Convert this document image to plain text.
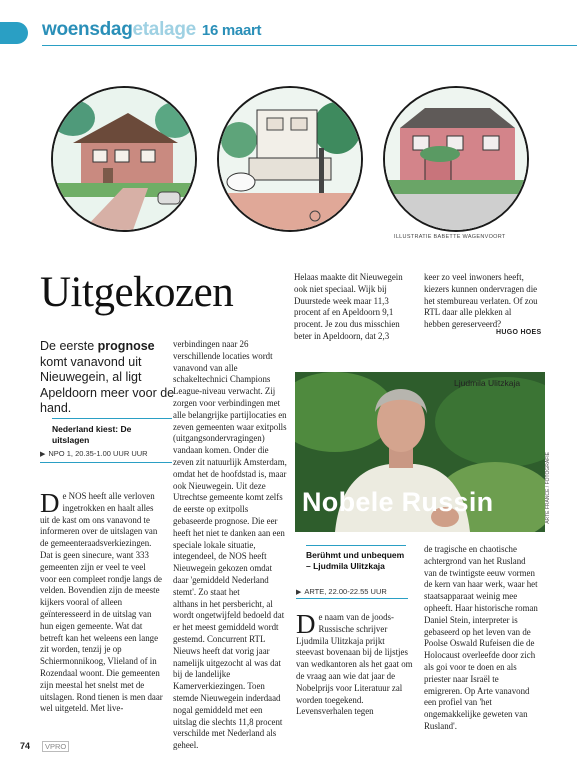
woensdagetalage 16 maart
ILLUSTRATIE BABETTE WAGENVOORT
Uitgekozen
De eerste prognose komt vanavond uit Nieuwegein, al ligt Apeldoorn meer voor de hand.
Nederland kiest: De uitslagen
▶ NPO 1, 20.35-1.00 UUR UUR
De NOS heeft alle verloven ingetrokken en haalt alles uit de kast om ons vanavond te informeren over de uitslagen van de gemeenteraadsverkiezingen. Dat is geen sinecure, want 333 gemeenten zijn er veel te veel voor een compleet rondje langs de velden. Bovendien zijn de meeste kijkers vooral of alleen geïnteresseerd in de uitslag van hun eigen gemeente. Wat dat betreft kan het weleens een lange zit worden, tenzij je op Schiermonnikoog, Vlieland of in Rozendaal woont. Die gemeenten zijn meestal het snelst met de uitslagen. Rond tienen is men daar wel uitgeteld. Met live-

verbindingen naar 26 verschillende locaties wordt vanavond van alle schakeltechnici Champions League-niveau verwacht. Zij zorgen voor verbindingen met alle belangrijke partijlocaties en zeven gemeenten waar exitpolls (uitgangsondervragingen) vandaan komen. Onder die zeven zit natuurlijk Amsterdam, omdat het de hoofdstad is, maar ook Nieuwegein. Uit deze Utrechtse gemeente komt zelfs de eerste op exitpolls gebaseerde prognose. Die eer heeft het niet te danken aan een speciale lokale situatie, integendeel, de NOS heeft Nieuwegein gekozen omdat daar 'gemiddeld Nederland stemt'. Zo staat het

althans in het persbericht, al wordt ongetwijfeld bedoeld dat er het meest gemiddeld wordt gestemd. Concurrent RTL Nieuws heeft dat vorig jaar namelijk uitgezocht al was dat bij de landelijke Kamerverkiezingen. Toen stemde Nieuwegein inderdaad nogal gemiddeld met een uitslag die slechts 11,8 procent verschilde met Nederland als geheel.

Helaas maakte dit Nieuwegein ook niet speciaal. Wijk bij Duurstede week maar 11,3 procent af en Apeldoorn 9,1 procent. Je zou dus misschien beter in Apeldoorn, dat 2,3

keer zo veel inwoners heeft, kiezers kunnen ondervragen die het stembureau verlaten. Of zou RTL daar alle plekken al hebben gereserveerd?

HUGO HOES
Ljudmila Ulitzkaja
Nobele Russin	ARTE FRANCE / FOTOGRAFIE
Berühmt und unbequem – Ljudmila Ulitzkaja
▶ ARTE, 22.00-22.55 UUR
De naam van de joods-Russische schrijver Ljudmila Ulitzkaja prijkt steevast bovenaan bij de lijstjes van wedkantoren als het gaat om de vraag aan wie dat jaar de Nobelprijs voor Literatuur zal worden toegekend. Levensverhalen tegen

de tragische en chaotische achtergrond van het Rusland van de twintigste eeuw vormen de kern van haar werk, waar het staatsapparaat weinig mee opheeft. Haar historische roman Daniel Stein, interpreter is gebaseerd op het leven van de Poolse Oswald Rufeisen die de Holocaust overleefde door zich als goi voor te doen en als priester naar Israël te emigreren. Op Arte vanavond een profiel van 'het ongemakkelijke geweten van Rusland'.

74	VPRO
